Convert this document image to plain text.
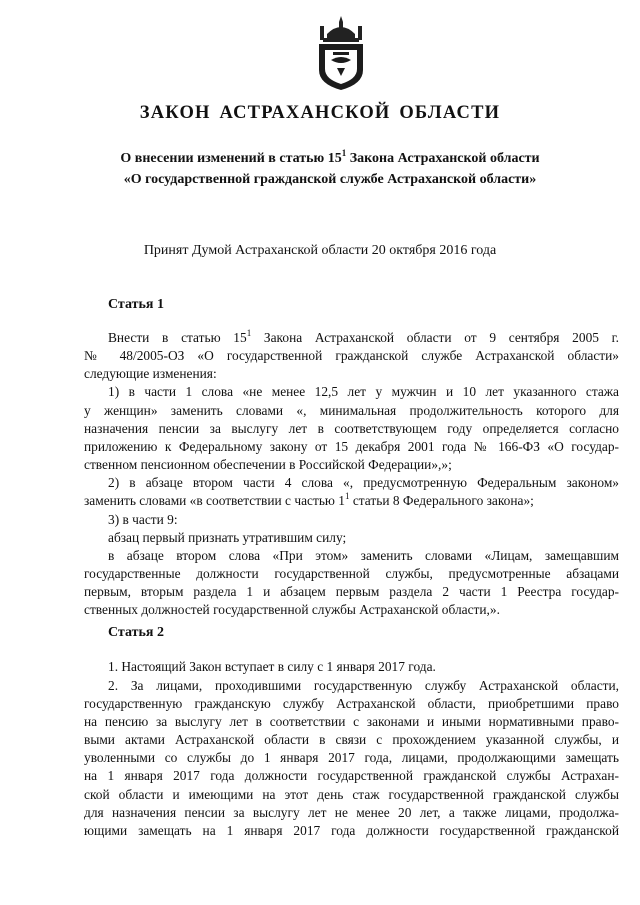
ЗАКОН АСТРАХАНСКОЙ ОБЛАСТИ
О внесении изменений в статью $15^1$ Закона Астраханской области
«О государственной гражданской службе Астраханской области»
Принят Думой Астраханской области 20 октября 2016 года
Статья 1
Внести в статью $15^1$ Закона Астраханской области от 9 сентября 2005 г.
№ 48/2005-ОЗ «О государственной гражданской службе Астраханской области»
следующие изменения:
1) в части 1 слова «не менее 12,5 лет у мужчин и 10 лет указанного стажа
у женщин» заменить словами «, минимальная продолжительность которого для
назначения пенсии за выслугу лет в соответствующем году определяется согласно
приложению к Федеральному закону от 15 декабря 2001 года № 166-ФЗ «О государ-
ственном пенсионном обеспечении в Российской Федерации»,»;
2) в абзаце втором части 4 слова «, предусмотренную Федеральным законом»
заменить словами «в соответствии с частью $1^1$ статьи 8 Федерального закона»;
3) в части 9:
абзац первый признать утратившим силу;
в абзаце втором слова «При этом» заменить словами «Лицам, замещавшим
государственные должности государственной службы, предусмотренные абзацами
первым, вторым раздела 1 и абзацем первым раздела 2 части 1 Реестра государ-
ственных должностей государственной службы Астраханской области,».
Статья 2
1. Настоящий Закон вступает в силу с 1 января 2017 года.
2. За лицами, проходившими государственную службу Астраханской области,
государственную гражданскую службу Астраханской области, приобретшими право
на пенсию за выслугу лет в соответствии с законами и иными нормативными право-
выми актами Астраханской области в связи с прохождением указанной службы, и
уволенными со службы до 1 января 2017 года, лицами, продолжающими замещать
на 1 января 2017 года должности государственной гражданской службы Астрахан-
ской области и имеющими на этот день стаж государственной гражданской службы
для назначения пенсии за выслугу лет не менее 20 лет, а также лицами, продолжа-
ющими замещать на 1 января 2017 года должности государственной гражданской
